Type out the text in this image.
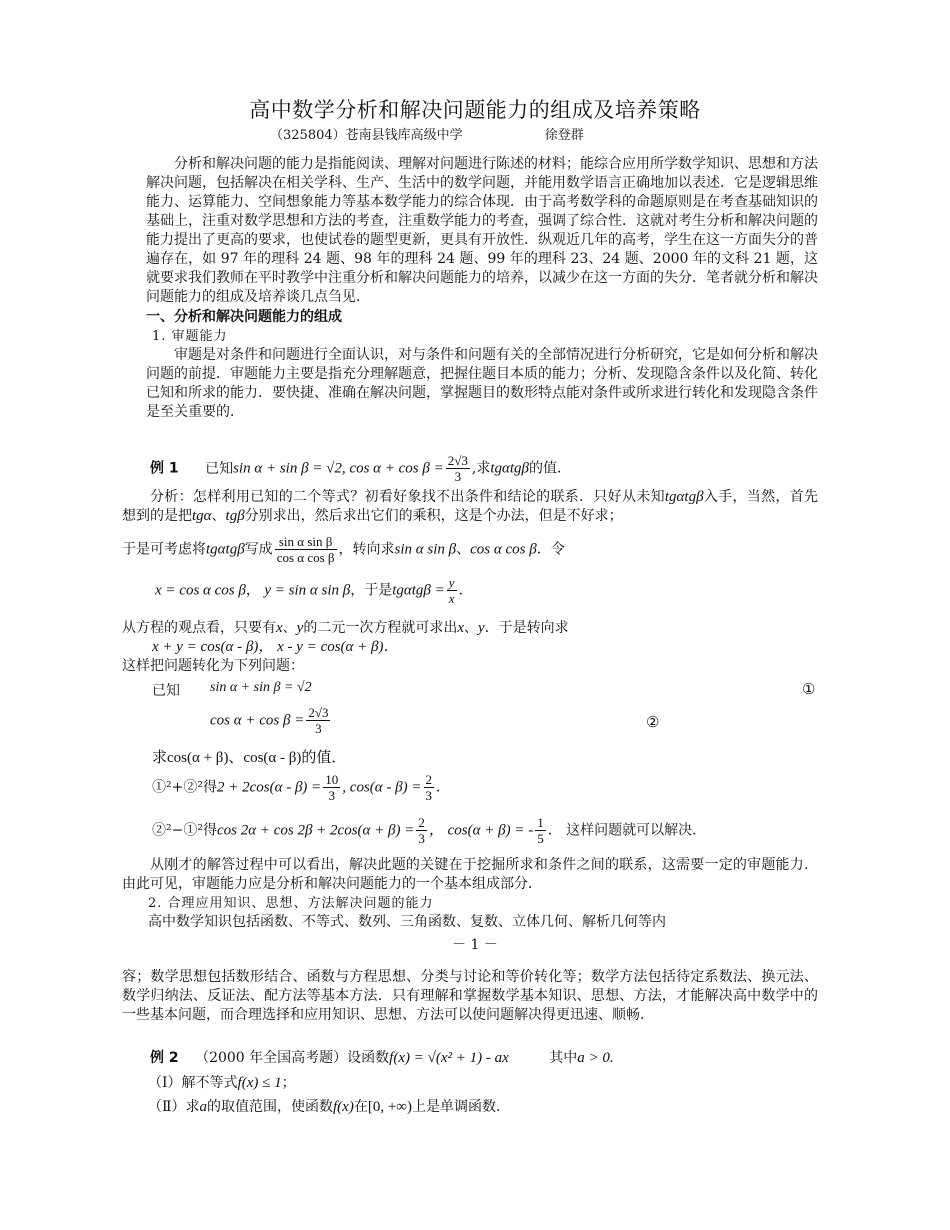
高中数学分析和解决问题能力的组成及培养策略
（325804）苍南县钱库高级中学	徐登群

分析和解决问题的能力是指能阅读、理解对问题进行陈述的材料；能综合应用所学数学知识、思想和方法解决问题，包括解决在相关学科、生产、生活中的数学问题，并能用数学语言正确地加以表述．它是逻辑思维能力、运算能力、空间想象能力等基本数学能力的综合体现．由于高考数学科的命题原则是在考查基础知识的基础上，注重对数学思想和方法的考查，注重数学能力的考查，强调了综合性．这就对考生分析和解决问题的能力提出了更高的要求，也使试卷的题型更新，更具有开放性．纵观近几年的高考，学生在这一方面失分的普遍存在，如 97 年的理科 24 题、98 年的理科 24 题、99 年的理科 23、24 题、2000 年的文科 21 题，这就要求我们教师在平时教学中注重分析和解决问题能力的培养，以减少在这一方面的失分．笔者就分析和解决问题能力的组成及培养谈几点刍见．

一、分析和解决问题能力的组成

1. 审题能力

审题是对条件和问题进行全面认识，对与条件和问题有关的全部情况进行分析研究，它是如何分析和解决问题的前提．审题能力主要是指充分理解题意，把握住题目本质的能力；分析、发现隐含条件以及化简、转化已知和所求的能力．要快捷、准确在解决问题，掌握题目的数形特点能对条件或所求进行转化和发现隐含条件是至关重要的．

例 1 已知sin α + sin β = √2, $\cos \alpha + \cos \beta = \frac{2√3}{3}$ ,求tgαtgβ的值．

分析：怎样利用已知的二个等式？初看好象找不出条件和结论的联系．只好从未知tgαtgβ入手，当然，首先想到的是把tgα、tgβ分别求出，然后求出它们的乘积，这是个办法，但是不好求；

于是可考虑将tgαtgβ写成 $\frac{\text{sin α sin β}}{\text{cos α cos β}}$ ，转向求sin α sin β、cos α cos β．令

x = cos α cos β， y = sin α sin β，于是$tg\alpha tg\beta = \frac{y}{x}$ ．

从方程的观点看，只要有x、y的二元一次方程就可求出x、y．于是转向求

x + y = cos(α - β)， x - y = cos(α + β)．

这样把问题转化为下列问题：

已知 sin α + sin β = √2	①
$\cos \alpha + \cos \beta = \frac{2√3}{3}$	②
求cos(α + β)、cos(α - β)的值．
①²+②²得$2 + 2\cos(\alpha - \beta) = \frac{10}{3}$ , $\cos(\alpha - \beta) = \frac{2}{3}$ ．
②²−①²得$\cos 2\alpha + \cos 2\beta + 2\cos(\alpha + \beta) = \frac{2}{3}$ ， cos(α + β) = - $\frac{1}{5}$ ． 这样问题就可以解决．

从刚才的解答过程中可以看出，解决此题的关键在于挖掘所求和条件之间的联系，这需要一定的审题能力．由此可见，审题能力应是分析和解决问题能力的一个基本组成部分．

2. 合理应用知识、思想、方法解决问题的能力

高中数学知识包括函数、不等式、数列、三角函数、复数、立体几何、解析几何等内

－ 1 －

容；数学思想包括数形结合、函数与方程思想、分类与讨论和等价转化等；数学方法包括待定系数法、换元法、数学归纳法、反证法、配方法等基本方法．只有理解和掌握数学基本知识、思想、方法，才能解决高中数学中的一些基本问题，而合理选择和应用知识、思想、方法可以使问题解决得更迅速、顺畅．

例 2 （2000 年全国高考题）设函数f(x) = √(x² + 1) - ax	其中a > 0.
（Ⅰ）解不等式f(x) ≤ 1；
（Ⅱ）求a的取值范围，使函数f(x)在[0, +∞)上是单调函数．
